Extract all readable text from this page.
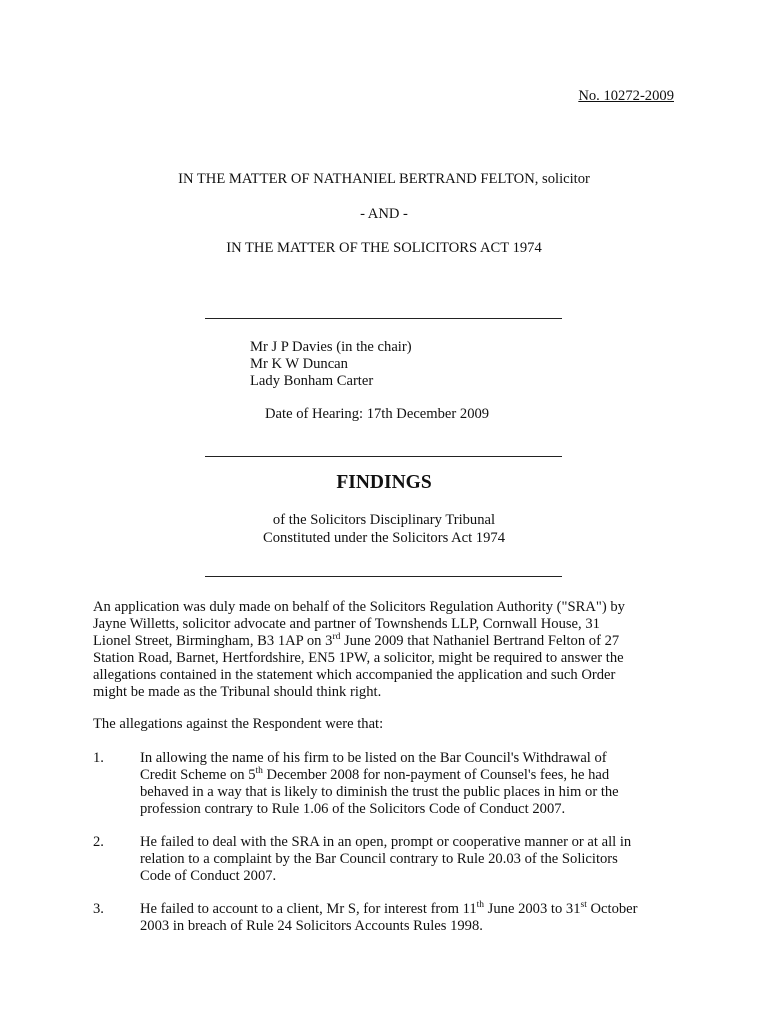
No. 10272-2009
IN THE MATTER OF NATHANIEL BERTRAND FELTON, solicitor
- AND -
IN THE MATTER OF THE SOLICITORS ACT 1974
Mr J P Davies (in the chair)
Mr K W Duncan
Lady Bonham Carter
Date of Hearing: 17th December 2009
FINDINGS
of the Solicitors Disciplinary Tribunal
Constituted under the Solicitors Act 1974
An application was duly made on behalf of the Solicitors Regulation Authority ("SRA") by
Jayne Willetts, solicitor advocate and partner of Townshends LLP, Cornwall House, 31
Lionel Street, Birmingham, B3 1AP on 3rd June 2009 that Nathaniel Bertrand Felton of 27
Station Road, Barnet, Hertfordshire, EN5 1PW, a solicitor, might be required to answer the
allegations contained in the statement which accompanied the application and such Order
might be made as the Tribunal should think right.
The allegations against the Respondent were that:
1. In allowing the name of his firm to be listed on the Bar Council's Withdrawal of
Credit Scheme on 5th December 2008 for non-payment of Counsel's fees, he had
behaved in a way that is likely to diminish the trust the public places in him or the
profession contrary to Rule 1.06 of the Solicitors Code of Conduct 2007.
2. He failed to deal with the SRA in an open, prompt or cooperative manner or at all in
relation to a complaint by the Bar Council contrary to Rule 20.03 of the Solicitors
Code of Conduct 2007.
3. He failed to account to a client, Mr S, for interest from 11th June 2003 to 31st October
2003 in breach of Rule 24 Solicitors Accounts Rules 1998.
